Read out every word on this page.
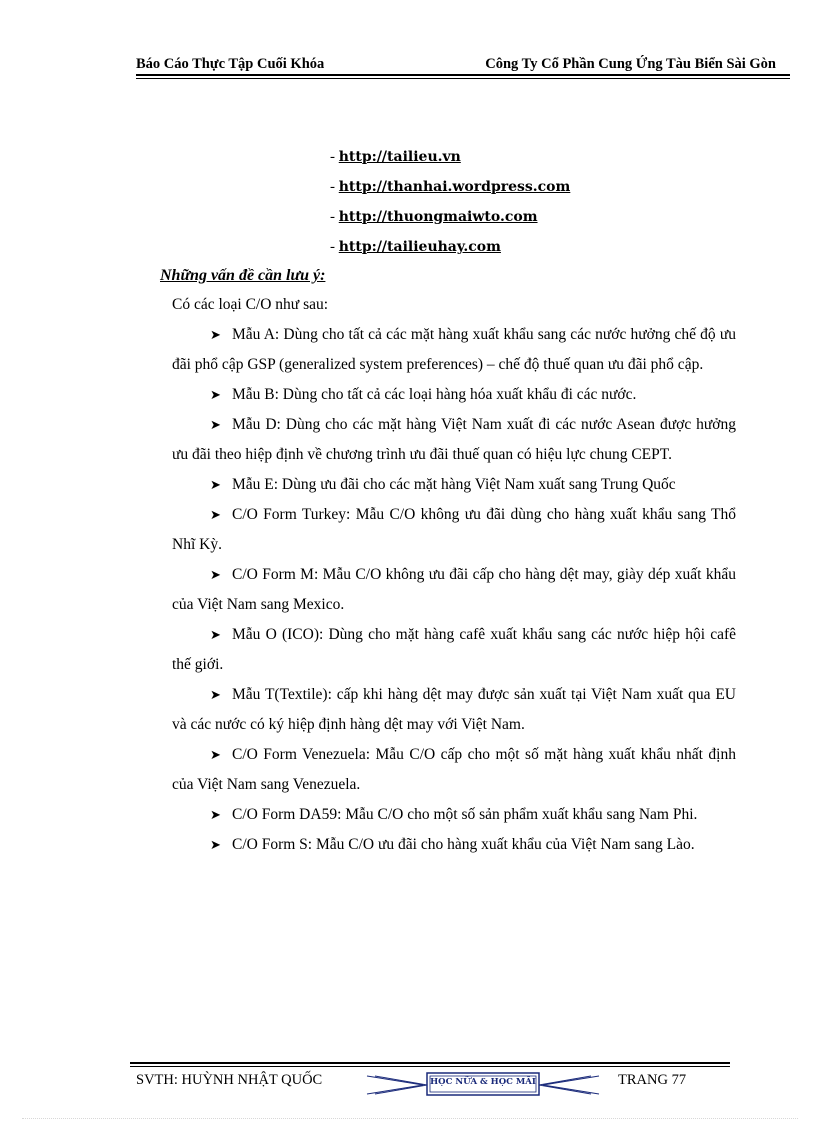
Báo Cáo Thực Tập Cuối Khóa	Công Ty Cổ Phần Cung Ứng Tàu Biển Sài Gòn
- http://tailieu.vn
- http://thanhai.wordpress.com
- http://thuongmaiwto.com
- http://tailieuhay.com
Những vấn đề cần lưu ý:
Có các loại C/O như sau:

➤ Mẫu A: Dùng cho tất cả các mặt hàng xuất khẩu sang các nước hưởng chế độ ưu đãi phổ cập GSP (generalized system preferences) – chế độ thuế quan ưu đãi phổ cập.

➤ Mẫu B: Dùng cho tất cả các loại hàng hóa xuất khẩu đi các nước.

➤ Mẫu D: Dùng cho các mặt hàng Việt Nam xuất đi các nước Asean được hưởng ưu đãi theo hiệp định về chương trình ưu đãi thuế quan có hiệu lực chung CEPT.

➤ Mẫu E: Dùng ưu đãi cho các mặt hàng Việt Nam xuất sang Trung Quốc

➤ C/O Form Turkey: Mẫu C/O không ưu đãi dùng cho hàng xuất khẩu sang Thổ Nhĩ Kỳ.

➤ C/O Form M: Mẫu C/O không ưu đãi cấp cho hàng dệt may, giày dép xuất khẩu của Việt Nam sang Mexico.

➤ Mẫu O (ICO): Dùng cho mặt hàng cafê xuất khẩu sang các nước hiệp hội cafê thế giới.

➤ Mẫu T(Textile): cấp khi hàng dệt may được sản xuất tại Việt Nam xuất qua EU và các nước có ký hiệp định hàng dệt may với Việt Nam.

➤ C/O Form Venezuela: Mẫu C/O cấp cho một số mặt hàng xuất khẩu nhất định của Việt Nam sang Venezuela.

➤ C/O Form DA59: Mẫu C/O cho một số sản phẩm xuất khẩu sang Nam Phi.

➤ C/O Form S: Mẫu C/O ưu đãi cho hàng xuất khẩu của Việt Nam sang Lào.

SVTH: HUỲNH NHẬT QUỐC	HỌC NỮA & HỌC MÃI	TRANG 77
